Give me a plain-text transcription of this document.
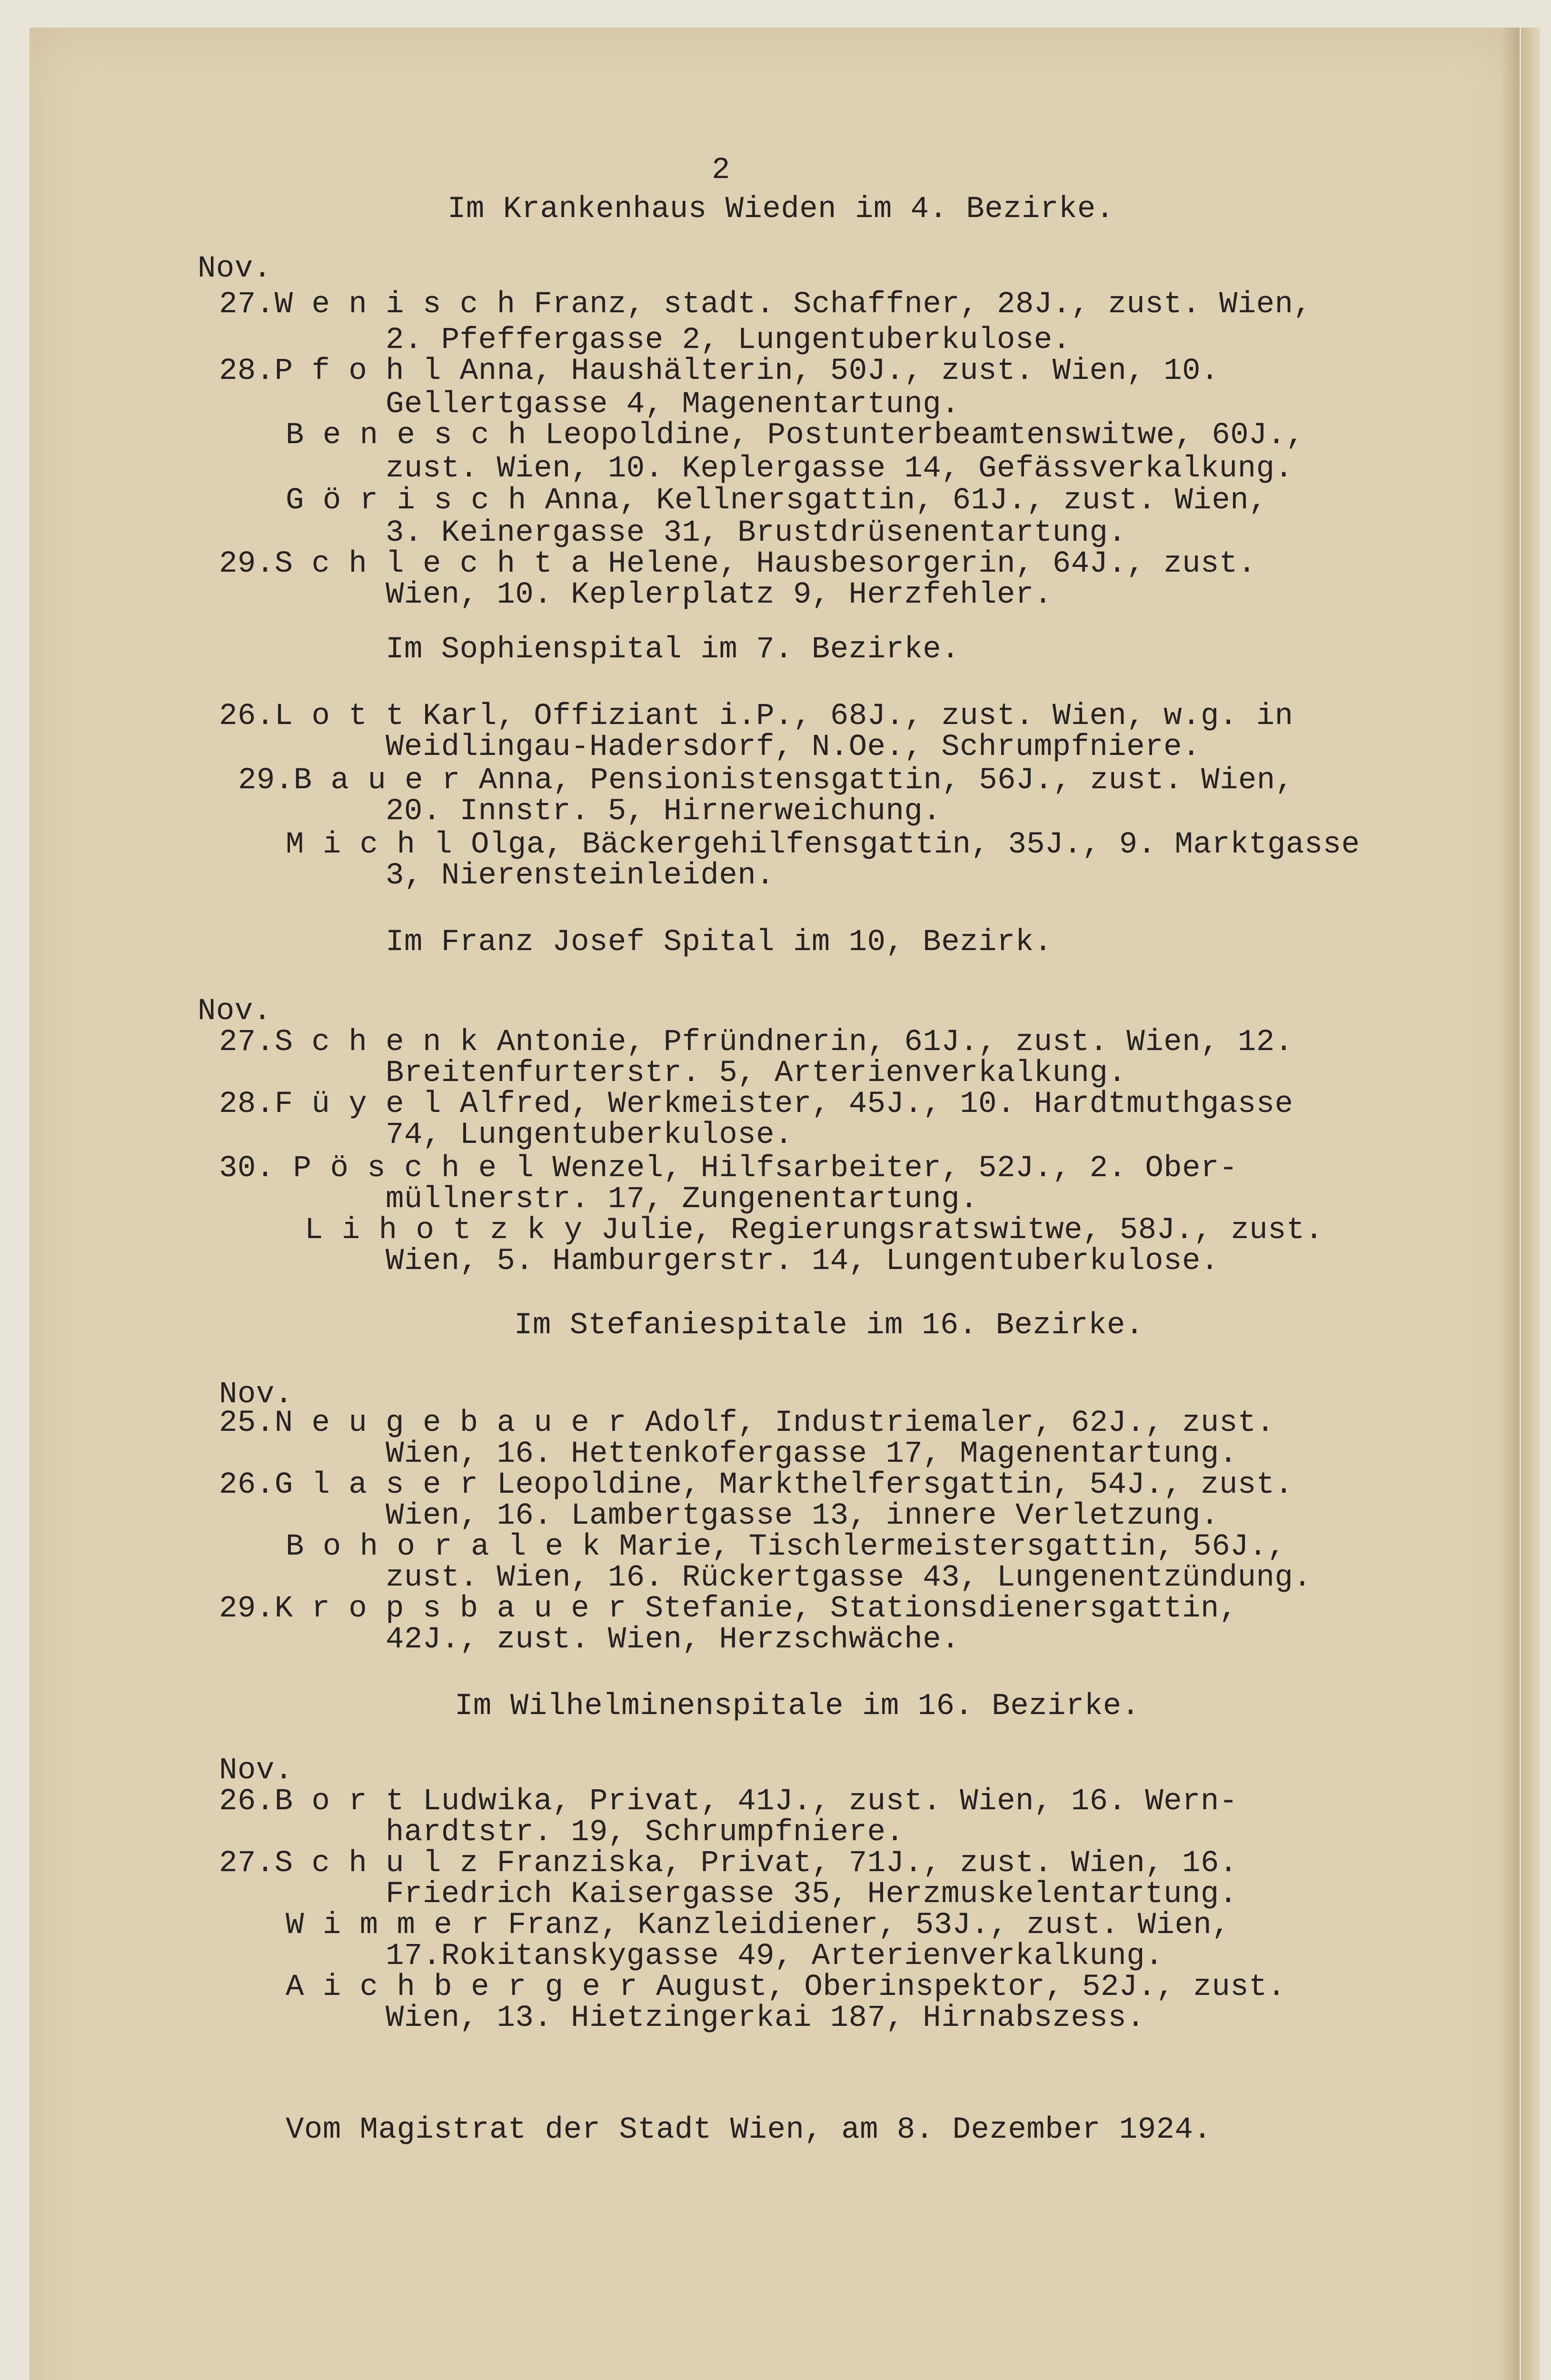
2
Im Krankenhaus Wieden im 4. Bezirke.
Nov.
27.W e n i s c h Franz, stadt. Schaffner, 28J., zust. Wien,
2. Pfeffergasse 2, Lungentuberkulose.
28.P f o h l Anna, Haushälterin, 50J., zust. Wien, 10.
Gellertgasse 4, Magenentartung.
B e n e s c h Leopoldine, Postunterbeamtenswitwe, 60J.,
zust. Wien, 10. Keplergasse 14, Gefässverkalkung.
G ö r i s c h Anna, Kellnersgattin, 61J., zust. Wien,
3. Keinergasse 31, Brustdrüsenentartung.
29.S c h l e c h t a Helene, Hausbesorgerin, 64J., zust.
Wien, 10. Keplerplatz 9, Herzfehler.
Im Sophienspital im 7. Bezirke.
26.L o t t Karl, Offiziant i.P., 68J., zust. Wien, w.g. in
Weidlingau-Hadersdorf, N.Oe., Schrumpfniere.
29.B a u e r Anna, Pensionistensgattin, 56J., zust. Wien,
20. Innstr. 5, Hirnerweichung.
M i c h l Olga, Bäckergehilfensgattin, 35J., 9. Marktgasse
3, Nierensteinleiden.
Im Franz Josef Spital im 10, Bezirk.
Nov.
27.S c h e n k Antonie, Pfründnerin, 61J., zust. Wien, 12.
Breitenfurterstr. 5, Arterienverkalkung.
28.F ü y e l Alfred, Werkmeister, 45J., 10. Hardtmuthgasse
74, Lungentuberkulose.
30. P ö s c h e l Wenzel, Hilfsarbeiter, 52J., 2. Ober-
müllnerstr. 17, Zungenentartung.
L i h o t z k y Julie, Regierungsratswitwe, 58J., zust.
Wien, 5. Hamburgerstr. 14, Lungentuberkulose.
Im Stefaniespitale im 16. Bezirke.
Nov.
25.N e u g e b a u e r Adolf, Industriemaler, 62J., zust.
Wien, 16. Hettenkofergasse 17, Magenentartung.
26.G l a s e r Leopoldine, Markthelfersgattin, 54J., zust.
Wien, 16. Lambertgasse 13, innere Verletzung.
B o h o r a l e k Marie, Tischlermeistersgattin, 56J.,
zust. Wien, 16. Rückertgasse 43, Lungenentzündung.
29.K r o p s b a u e r Stefanie, Stationsdienersgattin,
42J., zust. Wien, Herzschwäche.
Im Wilhelminenspitale im 16. Bezirke.
Nov.
26.B o r t Ludwika, Privat, 41J., zust. Wien, 16. Wern-
hardtstr. 19, Schrumpfniere.
27.S c h u l z Franziska, Privat, 71J., zust. Wien, 16.
Friedrich Kaisergasse 35, Herzmuskelentartung.
W i m m e r Franz, Kanzleidiener, 53J., zust. Wien,
17.Rokitanskygasse 49, Arterienverkalkung.
A i c h b e r g e r August, Oberinspektor, 52J., zust.
Wien, 13. Hietzingerkai 187, Hirnabszess.
Vom Magistrat der Stadt Wien, am 8. Dezember 1924.
